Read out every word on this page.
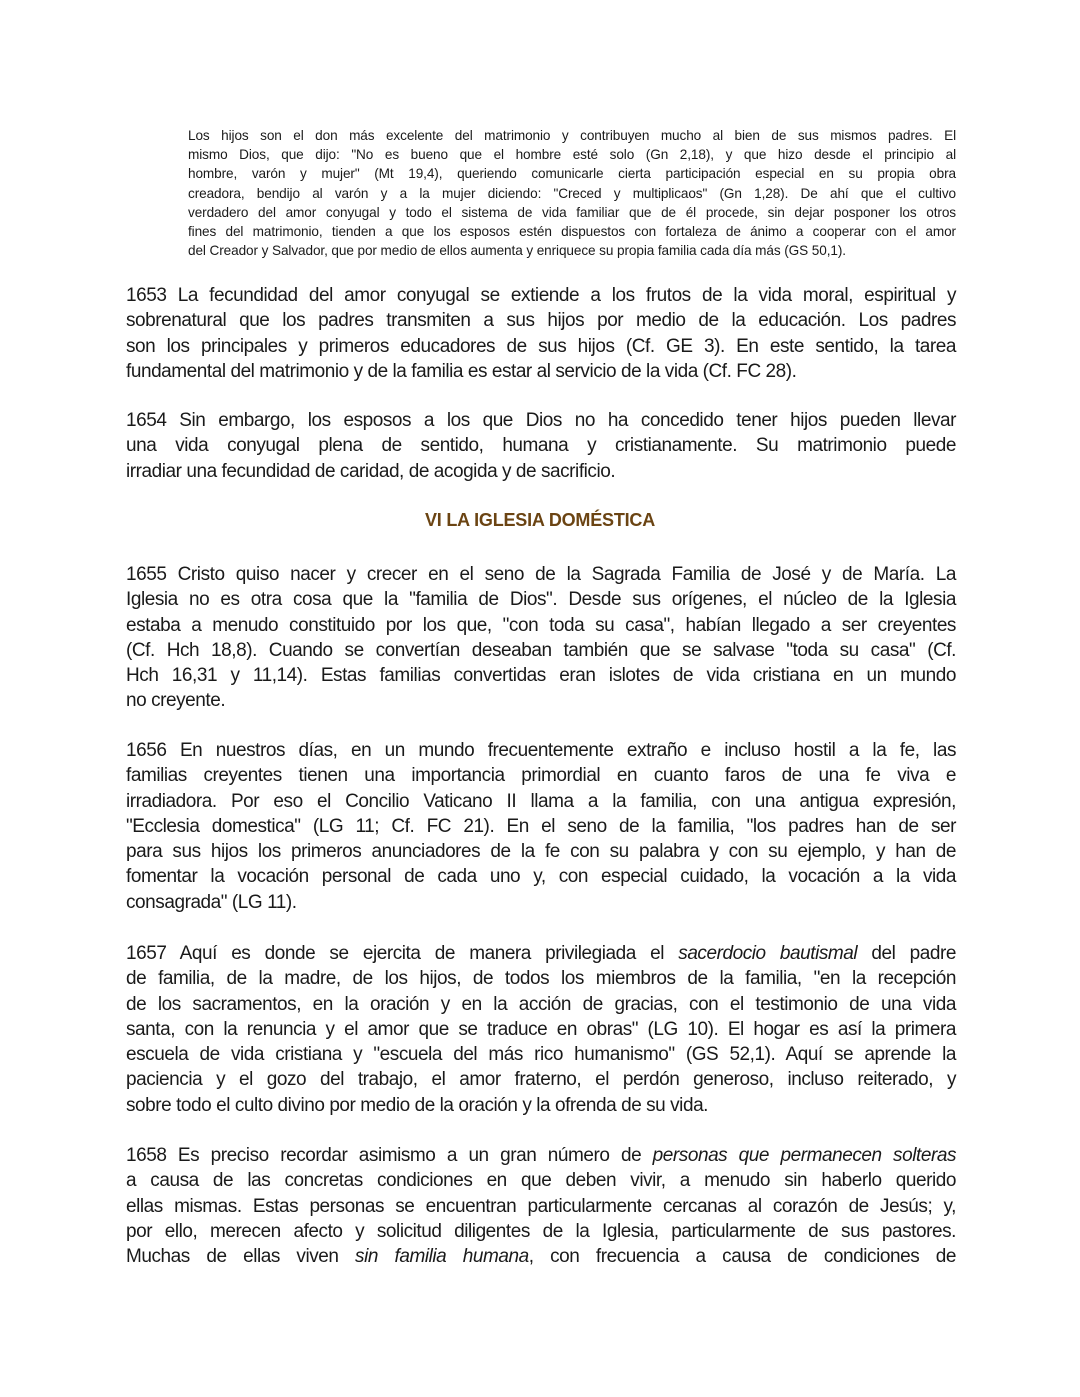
Los hijos son el don más excelente del matrimonio y contribuyen mucho al bien de sus mismos padres. El
mismo Dios, que dijo: "No es bueno que el hombre esté solo (Gn 2,18), y que hizo desde el principio al
hombre, varón y mujer" (Mt 19,4), queriendo comunicarle cierta participación especial en su propia obra
creadora, bendijo al varón y a la mujer diciendo: "Creced y multiplicaos" (Gn 1,28). De ahí que el cultivo
verdadero del amor conyugal y todo el sistema de vida familiar que de él procede, sin dejar posponer los otros
fines del matrimonio, tienden a que los esposos estén dispuestos con fortaleza de ánimo a cooperar con el amor
del Creador y Salvador, que por medio de ellos aumenta y enriquece su propia familia cada día más (GS 50,1).
1653 La fecundidad del amor conyugal se extiende a los frutos de la vida moral, espiritual y
sobrenatural que los padres transmiten a sus hijos por medio de la educación. Los padres
son los principales y primeros educadores de sus hijos (Cf. GE 3). En este sentido, la tarea
fundamental del matrimonio y de la familia es estar al servicio de la vida (Cf. FC 28).
1654 Sin embargo, los esposos a los que Dios no ha concedido tener hijos pueden llevar
una vida conyugal plena de sentido, humana y cristianamente. Su matrimonio puede
irradiar una fecundidad de caridad, de acogida y de sacrificio.
VI LA IGLESIA DOMÉSTICA
1655 Cristo quiso nacer y crecer en el seno de la Sagrada Familia de José y de María. La
Iglesia no es otra cosa que la "familia de Dios". Desde sus orígenes, el núcleo de la Iglesia
estaba a menudo constituido por los que, "con toda su casa", habían llegado a ser creyentes
(Cf. Hch 18,8). Cuando se convertían deseaban también que se salvase "toda su casa" (Cf.
Hch 16,31 y 11,14). Estas familias convertidas eran islotes de vida cristiana en un mundo
no creyente.
1656 En nuestros días, en un mundo frecuentemente extraño e incluso hostil a la fe, las
familias creyentes tienen una importancia primordial en cuanto faros de una fe viva e
irradiadora. Por eso el Concilio Vaticano II llama a la familia, con una antigua expresión,
"Ecclesia domestica" (LG 11; Cf. FC 21). En el seno de la familia, "los padres han de ser
para sus hijos los primeros anunciadores de la fe con su palabra y con su ejemplo, y han de
fomentar la vocación personal de cada uno y, con especial cuidado, la vocación a la vida
consagrada" (LG 11).
1657 Aquí es donde se ejercita de manera privilegiada el sacerdocio bautismal del padre
de familia, de la madre, de los hijos, de todos los miembros de la familia, "en la recepción
de los sacramentos, en la oración y en la acción de gracias, con el testimonio de una vida
santa, con la renuncia y el amor que se traduce en obras" (LG 10). El hogar es así la primera
escuela de vida cristiana y "escuela del más rico humanismo" (GS 52,1). Aquí se aprende la
paciencia y el gozo del trabajo, el amor fraterno, el perdón generoso, incluso reiterado, y
sobre todo el culto divino por medio de la oración y la ofrenda de su vida.
1658 Es preciso recordar asimismo a un gran número de personas que permanecen solteras
a causa de las concretas condiciones en que deben vivir, a menudo sin haberlo querido
ellas mismas. Estas personas se encuentran particularmente cercanas al corazón de Jesús; y,
por ello, merecen afecto y solicitud diligentes de la Iglesia, particularmente de sus pastores.
Muchas de ellas viven sin familia humana, con frecuencia a causa de condiciones de
